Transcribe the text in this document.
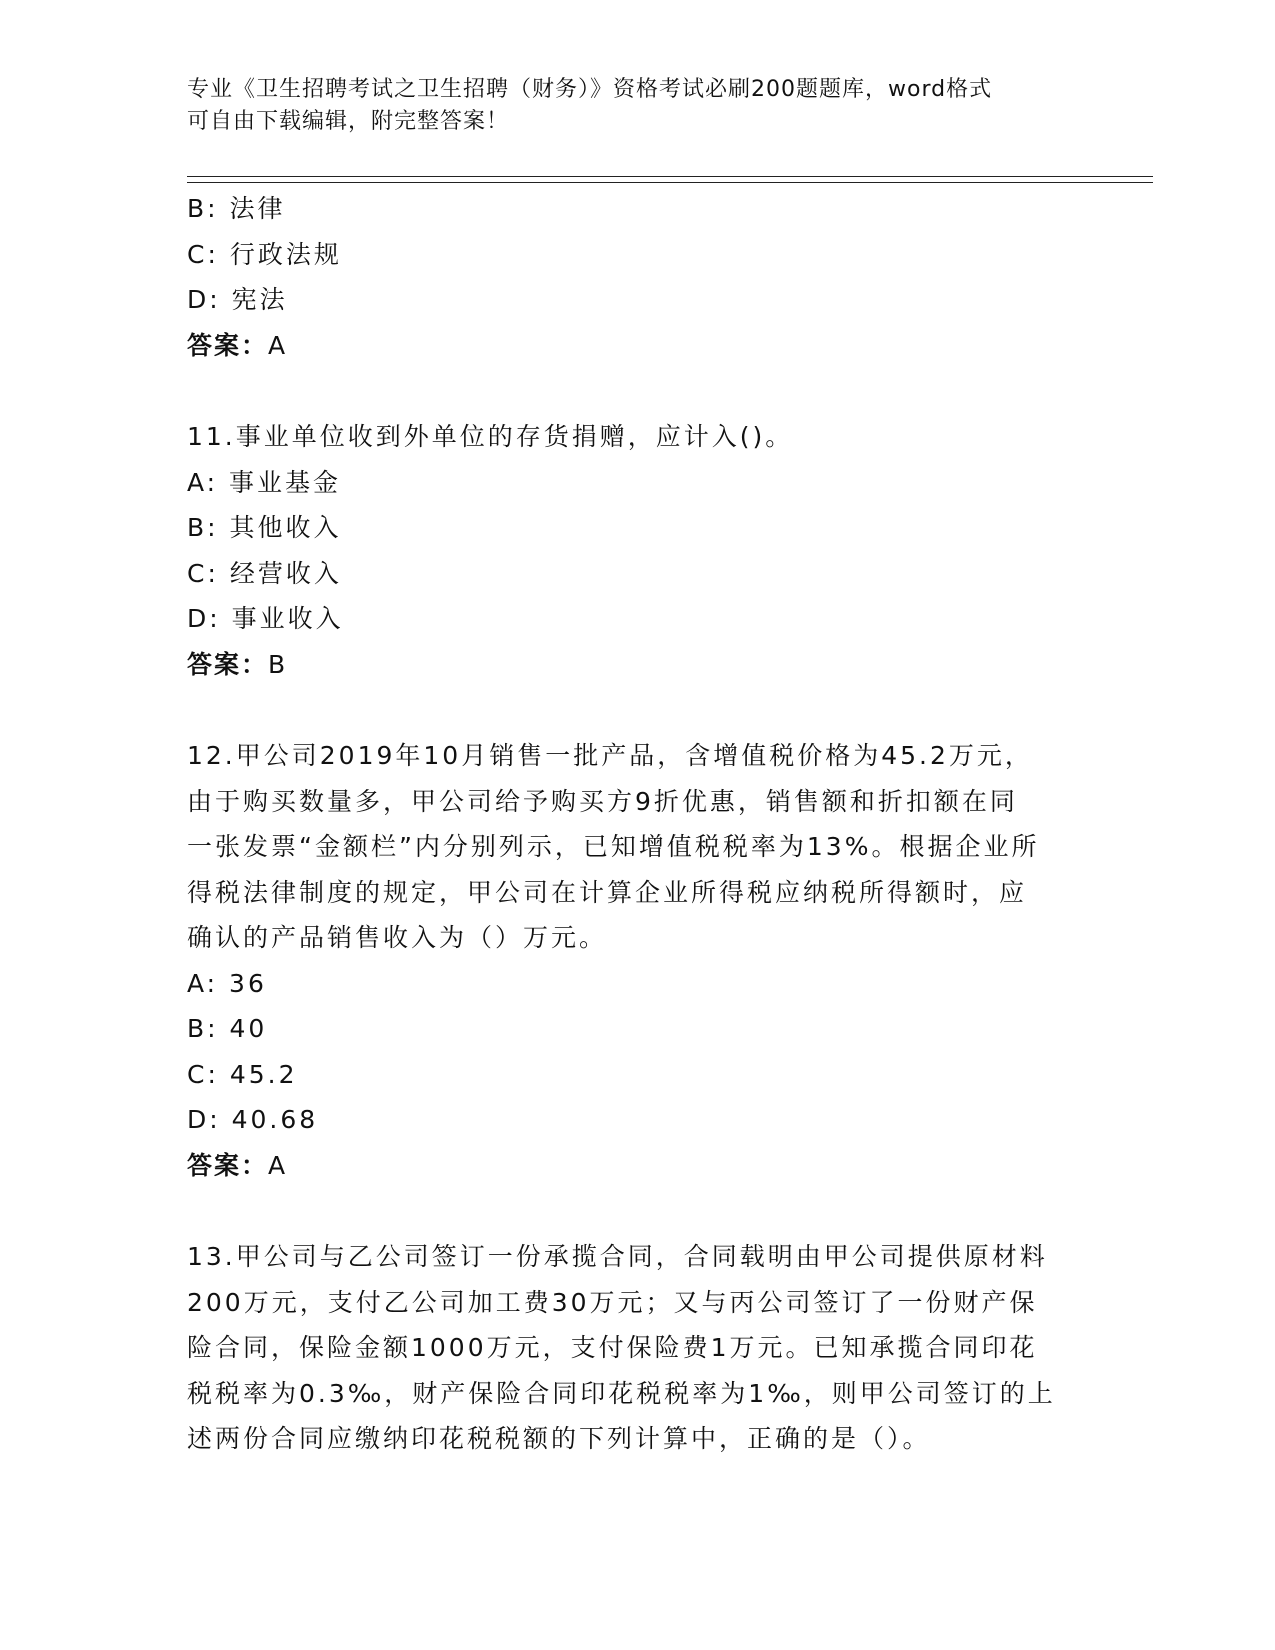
专业《卫生招聘考试之卫生招聘（财务）》资格考试必刷200题题库，word格式
可自由下载编辑，附完整答案！
B: 法律
C: 行政法规
D: 宪法
答案：A
11.事业单位收到外单位的存货捐赠，应计入()。
A: 事业基金
B: 其他收入
C: 经营收入
D: 事业收入
答案：B
12.甲公司2019年10月销售一批产品，含增值税价格为45.2万元，
由于购买数量多，甲公司给予购买方9折优惠，销售额和折扣额在同
一张发票“金额栏”内分别列示，已知增值税税率为13%。根据企业所
得税法律制度的规定，甲公司在计算企业所得税应纳税所得额时，应
确认的产品销售收入为（）万元。
A: 36
B: 40
C: 45.2
D: 40.68
答案：A
13.甲公司与乙公司签订一份承揽合同，合同载明由甲公司提供原材料
200万元，支付乙公司加工费30万元；又与丙公司签订了一份财产保
险合同，保险金额1000万元，支付保险费1万元。已知承揽合同印花
税税率为0.3‰，财产保险合同印花税税率为1‰，则甲公司签订的上
述两份合同应缴纳印花税税额的下列计算中，正确的是（）。
